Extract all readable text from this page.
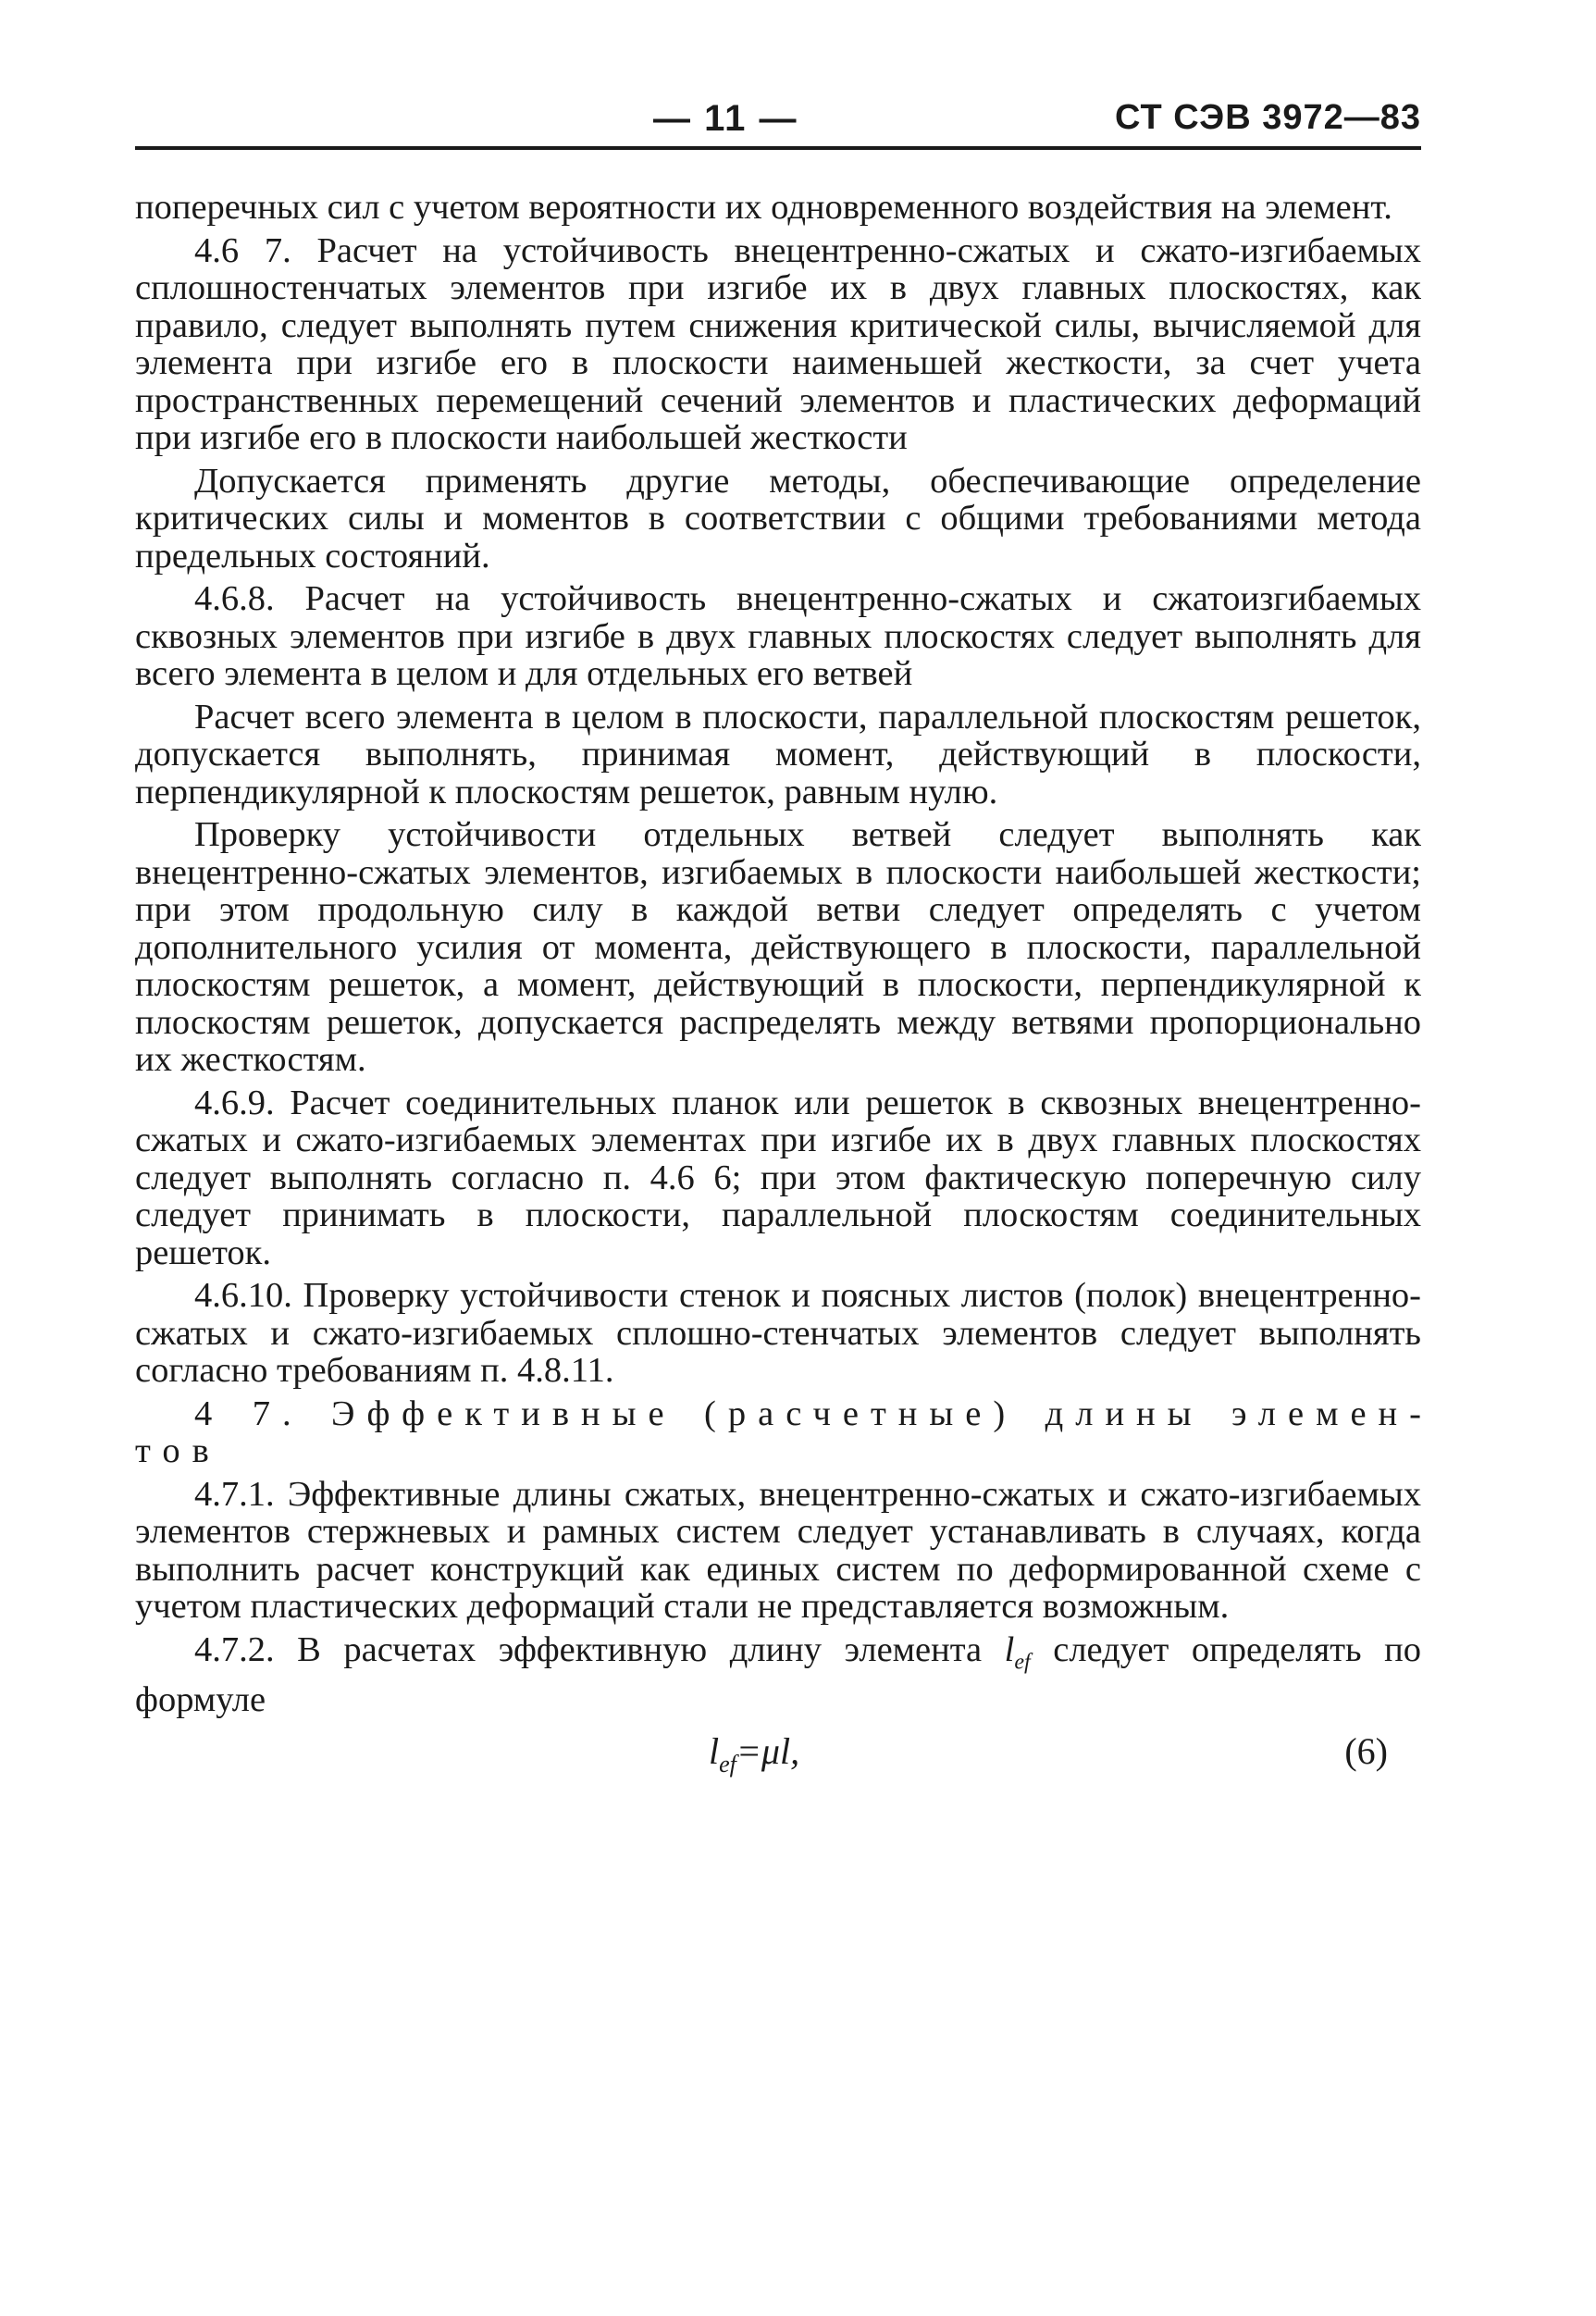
— 11 —	СТ СЭВ 3972—83

поперечных сил с учетом вероятности их одновременного воздействия на элемент.

4.6 7. Расчет на устойчивость внецентренно-сжатых и сжато-изгибаемых сплошностенчатых элементов при изгибе их в двух главных плоскостях, как правило, следует выполнять путем снижения критической силы, вычисляемой для элемента при изгибе его в плоскости наименьшей жесткости, за счет учета пространственных перемещений сечений элементов и пластических деформаций при изгибе его в плоскости наибольшей жесткости

Допускается применять другие методы, обеспечивающие определение критических силы и моментов в соответствии с общими требованиями метода предельных состояний.

4.6.8. Расчет на устойчивость внецентренно-сжатых и сжатоизгибаемых сквозных элементов при изгибе в двух главных плоскостях следует выполнять для всего элемента в целом и для отдельных его ветвей

Расчет всего элемента в целом в плоскости, параллельной плоскостям решеток, допускается выполнять, принимая момент, действующий в плоскости, перпендикулярной к плоскостям решеток, равным нулю.

Проверку устойчивости отдельных ветвей следует выполнять как внецентренно-сжатых элементов, изгибаемых в плоскости наибольшей жесткости; при этом продольную силу в каждой ветви следует определять с учетом дополнительного усилия от момента, действующего в плоскости, параллельной плоскостям решеток, а момент, действующий в плоскости, перпендикулярной к плоскостям решеток, допускается распределять между ветвями пропорционально их жесткостям.

4.6.9. Расчет соединительных планок или решеток в сквозных внецентренно-сжатых и сжато-изгибаемых элементах при изгибе их в двух главных плоскостях следует выполнять согласно п. 4.6 6; при этом фактическую поперечную силу следует принимать в плоскости, параллельной плоскостям соединительных решеток.

4.6.10. Проверку устойчивости стенок и поясных листов (полок) внецентренно-сжатых и сжато-изгибаемых сплошно-стенчатых элементов следует выполнять согласно требованиям п. 4.8.11.

4 7. Эффективные (расчетные) длины элементов

4.7.1. Эффективные длины сжатых, внецентренно-сжатых и сжато-изгибаемых элементов стержневых и рамных систем следует устанавливать в случаях, когда выполнить расчет конструкций как единых систем по деформированной схеме с учетом пластических деформаций стали не представляется возможным.

4.7.2. В расчетах эффективную длину элемента $l_{ef}$ следует определять по формуле

$l_{ef}=\mu l$,	(6)
